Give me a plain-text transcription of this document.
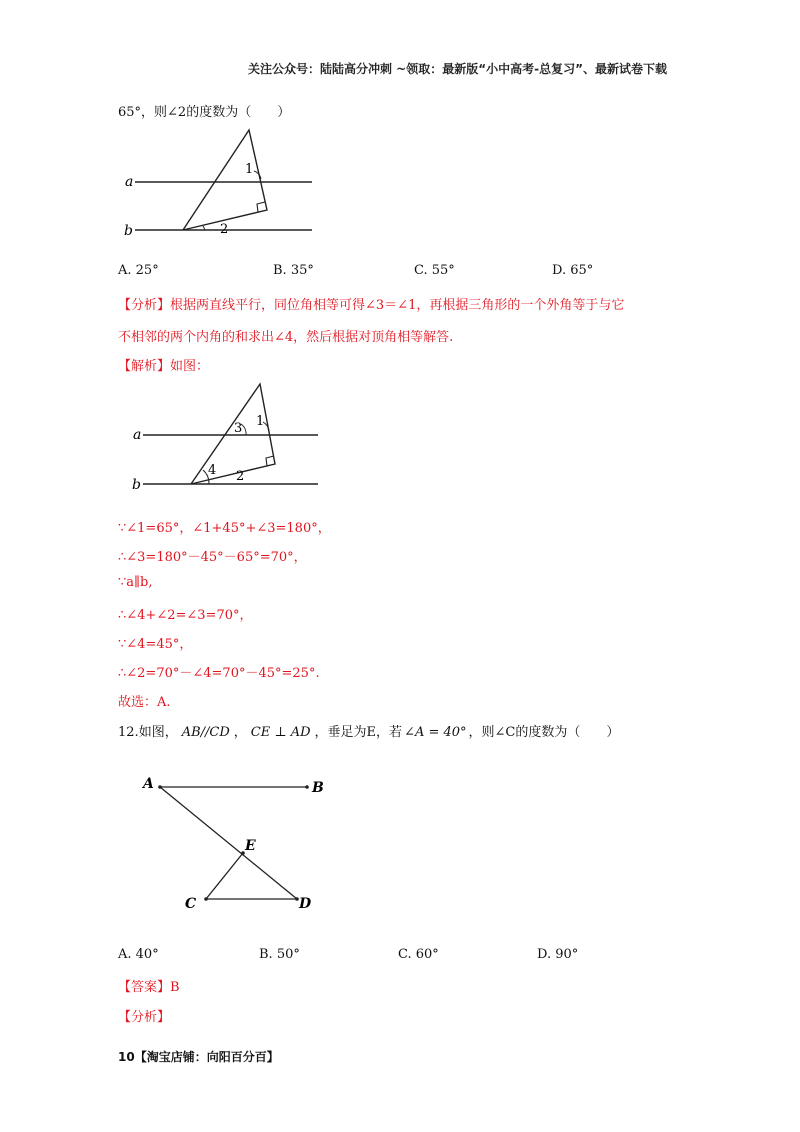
关注公众号：陆陆高分冲刺 ~领取：最新版“小中高考-总复习”、最新试卷下载
65°，则∠2的度数为（　　）
a
b
1
2
A. 25°	B. 35°	C. 55°	D. 65°
【分析】根据两直线平行，同位角相等可得∠3＝∠1，再根据三角形的一个外角等于与它
不相邻的两个内角的和求出∠4，然后根据对顶角相等解答.
【解析】如图：
a
b
1
2
3
4
∵∠1=65°，∠1+45°+∠3=180°，
∴∠3=180°－45°－65°=70°，
∵a∥b,
∴∠4+∠2=∠3=70°，
∵∠4=45°，
∴∠2=70°－∠4=70°－45°=25°.
故选：A.
12.如图， AB//CD ， CE ⊥ AD ，垂足为E，若 ∠A = 40° ，则∠C的度数为（　　）
A	B
C	D
E
A. 40°	B. 50°	C. 60°	D. 90°
【答案】B
【分析】
10【淘宝店铺：向阳百分百】
